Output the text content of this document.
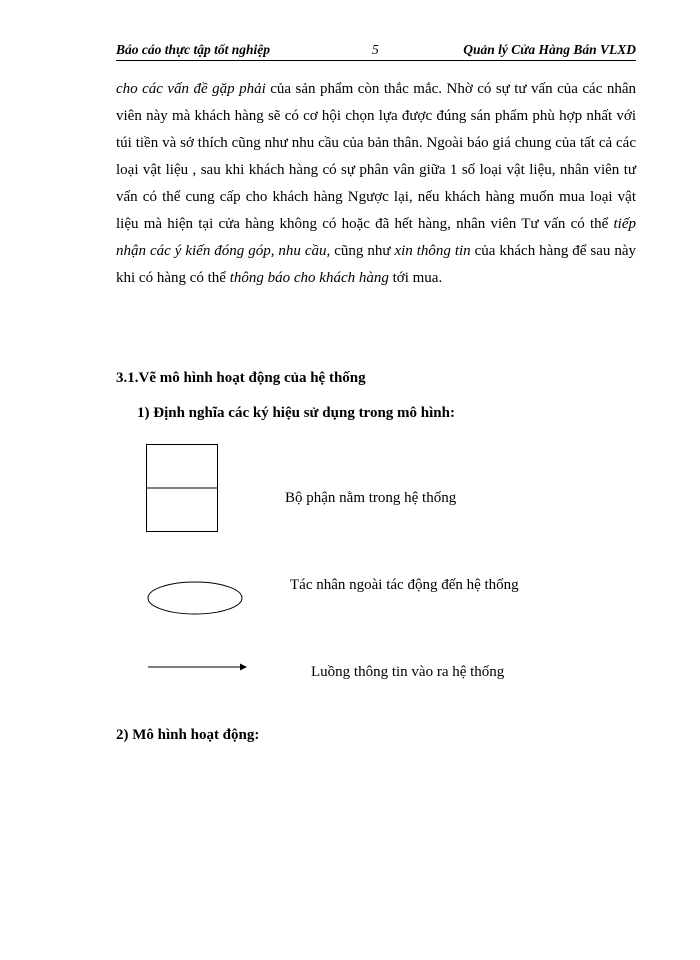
Báo cáo thực tập tốt nghiệp	5	Quản lý Cửa Hàng Bán VLXD
cho các vấn đề gặp phải của sản phẩm còn thắc mắc. Nhờ có sự tư vấn của các nhân viên này mà khách hàng sẽ có cơ hội chọn lựa được đúng sán phẩm phù hợp nhất với túi tiền và sở thích cũng như nhu cầu của bản thân. Ngoài báo giá chung của tất cả các loại vật liệu , sau khi khách hàng có sự phân vân giữa 1 số loại vật liệu, nhân viên tư vấn có thể cung cấp cho khách hàng Ngược lại, nếu khách hàng muốn mua loại vật liệu mà hiện tại cửa hàng không có hoặc đã hết hàng, nhân viên Tư vấn có thể tiếp nhận các ý kiến đóng góp, nhu cầu, cũng như xin thông tin của khách hàng để sau này khi có hàng có thể thông báo cho khách hàng tới mua.
3.1.Vẽ mô hình hoạt động của hệ thống
1) Định nghĩa các ký hiệu sử dụng trong mô hình:
Bộ phận nằm trong hệ thống
Tác nhân ngoài tác động đến hệ thống
Luồng thông tin vào ra hệ thống
2) Mô hình hoạt động:
